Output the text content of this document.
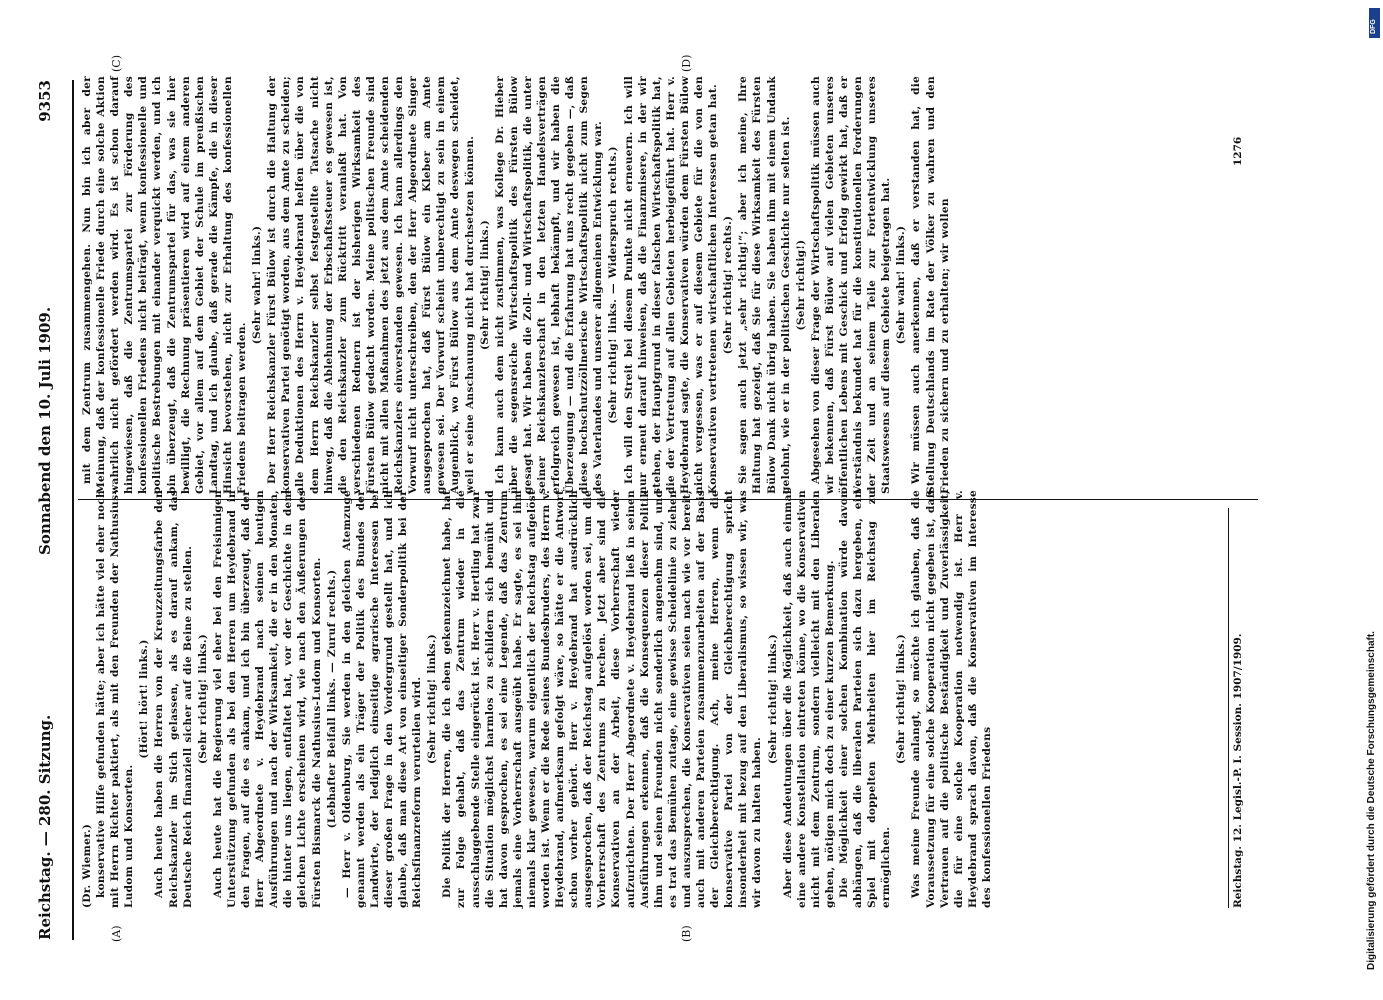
Reichstag. — 280. Sitzung.
Sonnabend den 10. Juli 1909.
9353
(A)	(B)
(C)	(D)

(Dr. Wiemer.) konservative Hilfe gefunden hätte; aber ich hätte viel eher noch mit Herrn Richter paktiert, als mit den Freunden der Nathusius-Ludom und Konsorten.

(Hört! hört! links.) Auch heute haben die Herren von der Kreuzzeitungsfarbe den Reichskanzler im Stich gelassen, als es darauf ankam, das Deutsche Reich finanziell sicher auf die Beine zu stellen. (Sehr richtig! links.) Auch heute hat die Regierung viel eher bei den Freisinnigen Unterstützung gefunden als bei den Herren um Heydebrand in den Fragen, auf die es ankam, und ich bin überzeugt, daß der Herr Abgeordnete v. Heydebrand nach seinen heutigen Ausführungen und nach der Wirksamkeit, die er in den Monaten, die hinter uns liegen, entfaltet hat, vor der Geschichte in dem gleichen Lichte erscheinen wird, wie nach den Äußerungen des Fürsten Bismarck die Nathusius-Ludom und Konsorten. (Lebhafter Beifall links. — Zuruf rechts.) — Herr v. Oldenburg, Sie werden in den gleichen Atemzuge genannt werden als ein Träger der Politik des Bundes der Landwirte, der lediglich einseitige agrarische Interessen bei dieser großen Frage in den Vordergrund gestellt hat, und ich glaube, daß man diese Art von einseitiger Sonderpolitik bei der Reichsfinanzreform verurteilen wird. (Sehr richtig! links.) Die Politik der Herren, die ich eben gekennzeichnet habe, hat zur Folge gehabt, daß das Zentrum wieder in die ausschlaggebende Stelle eingerückt ist. Herr v. Hertling hat zwar die Situation möglichst harmlos zu schildern sich bemüht und hat davon gesprochen, es sei eine Legende, daß das Zentrum jemals eine Vorherrschaft ausgeübt habe. Er sagte, es sei ihm niemals klar gewesen, warum eigentlich der Reichstag aufgelöst worden ist. Wenn er die Rede seines Bundesbruders, des Herrn v. Heydebrand, aufmerksam gefolgt wäre, so hätte er die Antwort schon vorher gehört. Herr v. Heydebrand hat ausdrücklich ausgesprochen, daß der Reichstag aufgelöst worden sei, um die Vorherrschaft des Zentrums zu brechen. Jetzt aber sind die Konservativen an der Arbeit, diese Vorherrschaft wieder aufzurichten. Der Herr Abgeordnete v. Heydebrand ließ in seinen Ausführungen erkennen, daß die Konsequenzen dieser Politik ihm und seinen Freunden nicht sonderlich angenehm sind, und es trat das Bemühen zutage, eine gewisse Scheidelinie zu ziehen und auszusprechen, die Konservativen seien nach wie vor bereit, auch mit anderen Parteien zusammenzuarbeiten auf der Basis der Gleichberechtigung. Ach, meine Herren, wenn die konservative Partei von der Gleichberechtigung spricht insonderheit mit bezug auf den Liberalismus, so wissen wir, was wir davon zu halten haben.

(Sehr richtig! links.) Aber diese Andeutungen über die Möglichkeit, daß auch einmal eine andere Konstellation eintreten könne, wo die Konservativen nicht mit dem Zentrum, sondern vielleicht mit den Liberalen gehen, nötigen mich doch zu einer kurzen Bemerkung. Die Möglichkeit einer solchen Kombination würde davon abhängen, daß die liberalen Parteien sich dazu hergeben, ein Spiel mit doppelten Mehrheiten hier im Reichstag zu ermöglichen.

(Sehr richtig! links.) Was meine Freunde anlangt, so möchte ich glauben, daß die Voraussetzung für eine solche Kooperation nicht gegeben ist, daß Vertrauen auf die politische Beständigkeit und Zuverlässigkeit, die für eine solche Kooperation notwendig ist. Herr v. Heydebrand sprach davon, daß die Konservativen im Interesse des konfessionellen Friedens

mit dem Zentrum zusammengehen. Nun bin ich aber der Meinung, daß der konfessionelle Friede durch eine solche Aktion wahrlich nicht gefördert werden wird. Es ist schon darauf hingewiesen, daß die Zentrumspartei zur Förderung des konfessionellen Friedens nicht beiträgt, wenn konfessionelle und politische Bestrebungen mit einander verquickt werden, und ich bin überzeugt, daß die Zentrumspartei für das, was sie hier bewilligt, die Rechnung präsentieren wird auf einem anderen Gebiet, vor allem auf dem Gebiet der Schule im preußischen Landtag, und ich glaube, daß gerade die Kämpfe, die in dieser Hinsicht bevorstehen, nicht zur Erhaltung des konfessionellen Friedens beitragen werden.

(Sehr wahr! links.) Der Herr Reichskanzler Fürst Bülow ist durch die Haltung der konservativen Partei genötigt worden, aus dem Amte zu scheiden; alle Deduktionen des Herrn v. Heydebrand helfen über die von dem Herrn Reichskanzler selbst festgestellte Tatsache nicht hinweg, daß die Ablehnung der Erbschaftssteuer es gewesen ist, die den Reichskanzler zum Rücktritt veranlaßt hat. Von verschiedenen Rednern ist der bisherigen Wirksamkeit des Fürsten Bülow gedacht worden. Meine politischen Freunde sind nicht mit allen Maßnahmen des jetzt aus dem Amte scheidenden Reichskanzlers einverstanden gewesen. Ich kann allerdings den Vorwurf nicht unterschreiben, den der Herr Abgeordnete Singer ausgesprochen hat, daß Fürst Bülow ein Kleber am Amte gewesen sei. Der Vorwurf scheint unberechtigt zu sein in einem Augenblick, wo Fürst Bülow aus dem Amte deswegen scheidet, weil er seine Anschauung nicht hat durchsetzen können. (Sehr richtig! links.) Ich kann auch dem nicht zustimmen, was Kollege Dr. Hieber über die segensreiche Wirtschaftspolitik des Fürsten Bülow gesagt hat. Wir haben die Zoll- und Wirtschaftspolitik, die unter seiner Reichskanzlerschaft in den letzten Handelsverträgen erfolgreich gewesen ist, lebhaft bekämpft, und wir haben die Überzeugung — und die Erfahrung hat uns recht gegeben —, daß diese hochschutzzöllnerische Wirtschaftspolitik nicht zum Segen des Vaterlandes und unserer allgemeinen Entwicklung war. (Sehr richtig! links. — Widerspruch rechts.) Ich will den Streit bei diesem Punkte nicht erneuern. Ich will nur erneut darauf hinweisen, daß die Finanzmisere, in der wir stehen, der Hauptgrund in dieser falschen Wirtschaftspolitik hat, die der Vertretung auf allen Gebieten herbeigeführt hat. Herr v. Heydebrand sagte, die Konservativen würden dem Fürsten Bülow nicht vergessen, was er auf diesem Gebiete für die von den Konservativen vertretenen wirtschaftlichen Interessen getan hat. (Sehr richtig! rechts.) Sie sagen auch jetzt „sehr richtig!“; aber ich meine, Ihre Haltung hat gezeigt, daß Sie für diese Wirksamkeit des Fürsten Bülow Dank nicht übrig haben. Sie haben ihm mit einem Undank gelohnt, wie er in der politischen Geschichte nur selten ist. (Sehr richtig!) Abgesehen von dieser Frage der Wirtschaftspolitik müssen auch wir bekennen, daß Fürst Bülow auf vielen Gebieten unseres öffentlichen Lebens mit Geschick und Erfolg gewirkt hat, daß er Verständnis bekundet hat für die konstitutionellen Forderungen der Zeit und an seinem Teile zur Fortentwicklung unseres Staatswesens auf diesem Gebiete beigetragen hat. (Sehr wahr! links.) Wir müssen auch anerkennen, daß er verstanden hat, die Stellung Deutschlands im Rate der Völker zu wahren und den Frieden zu sichern und zu erhalten; wir wollen

Reichstag. 12. Legisl.-P. I. Session. 1907/1909.
1276
DFG
Digitalisierung gefördert durch die Deutsche Forschungsgemeinschaft.
